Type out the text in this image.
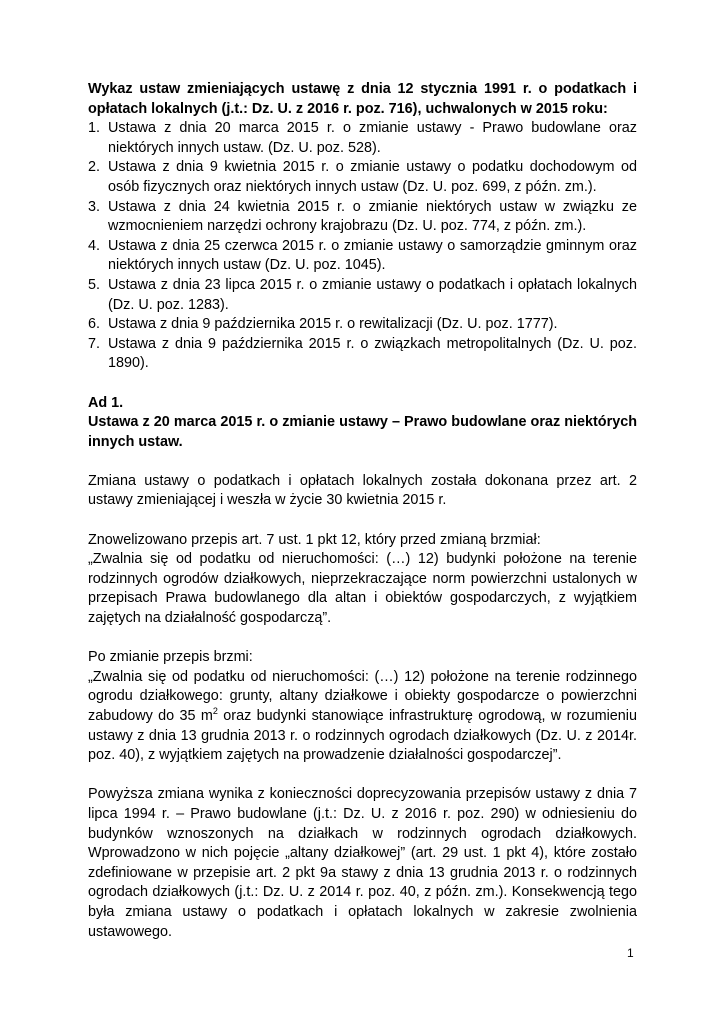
Wykaz ustaw zmieniających ustawę z dnia 12 stycznia 1991 r. o podatkach i opłatach lokalnych (j.t.: Dz. U. z 2016 r. poz. 716), uchwalonych w 2015 roku:

1. Ustawa z dnia 20 marca 2015 r. o zmianie ustawy - Prawo budowlane oraz niektórych innych ustaw. (Dz. U. poz. 528).
2. Ustawa z dnia 9 kwietnia 2015 r. o zmianie ustawy o podatku dochodowym od osób fizycznych oraz niektórych innych ustaw (Dz. U. poz. 699, z późn. zm.).
3. Ustawa z dnia 24 kwietnia 2015 r. o zmianie niektórych ustaw w związku ze wzmocnieniem narzędzi ochrony krajobrazu (Dz. U. poz. 774, z późn. zm.).
4. Ustawa z dnia 25 czerwca 2015 r. o zmianie ustawy o samorządzie gminnym oraz niektórych innych ustaw (Dz. U. poz. 1045).
5. Ustawa z dnia 23 lipca 2015 r. o zmianie ustawy o podatkach i opłatach lokalnych (Dz. U. poz. 1283).
6. Ustawa z dnia 9 października 2015 r. o rewitalizacji (Dz. U. poz. 1777).
7. Ustawa z dnia 9 października 2015 r. o związkach metropolitalnych (Dz. U. poz. 1890).

Ad 1.

Ustawa z 20 marca 2015 r. o zmianie ustawy – Prawo budowlane oraz niektórych innych ustaw.

Zmiana ustawy o podatkach i opłatach lokalnych została dokonana przez art. 2 ustawy zmieniającej i weszła w życie 30 kwietnia 2015 r.

Znowelizowano przepis art. 7 ust. 1 pkt 12, który przed zmianą brzmiał:

„Zwalnia się od podatku od nieruchomości: (…) 12) budynki położone na terenie rodzinnych ogrodów działkowych, nieprzekraczające norm powierzchni ustalonych w przepisach Prawa budowlanego dla altan i obiektów gospodarczych, z wyjątkiem zajętych na działalność gospodarczą”.

Po zmianie przepis brzmi:

„Zwalnia się od podatku od nieruchomości: (…) 12) położone na terenie rodzinnego ogrodu działkowego: grunty, altany działkowe i obiekty gospodarcze o powierzchni zabudowy do 35 $m^2$ oraz budynki stanowiące infrastrukturę ogrodową, w rozumieniu ustawy z dnia 13 grudnia 2013 r. o rodzinnych ogrodach działkowych (Dz. U. z 2014r. poz. 40), z wyjątkiem zajętych na prowadzenie działalności gospodarczej”.

Powyższa zmiana wynika z konieczności doprecyzowania przepisów ustawy z dnia 7 lipca 1994 r. – Prawo budowlane (j.t.: Dz. U. z 2016 r. poz. 290) w odniesieniu do budynków wznoszonych na działkach w rodzinnych ogrodach działkowych. Wprowadzono w nich pojęcie „altany działkowej” (art. 29 ust. 1 pkt 4), które zostało zdefiniowane w przepisie art. 2 pkt 9a stawy z dnia 13 grudnia 2013 r. o rodzinnych ogrodach działkowych (j.t.: Dz. U. z 2014 r. poz. 40, z późn. zm.). Konsekwencją tego była zmiana ustawy o podatkach i opłatach lokalnych w zakresie zwolnienia ustawowego.

1
